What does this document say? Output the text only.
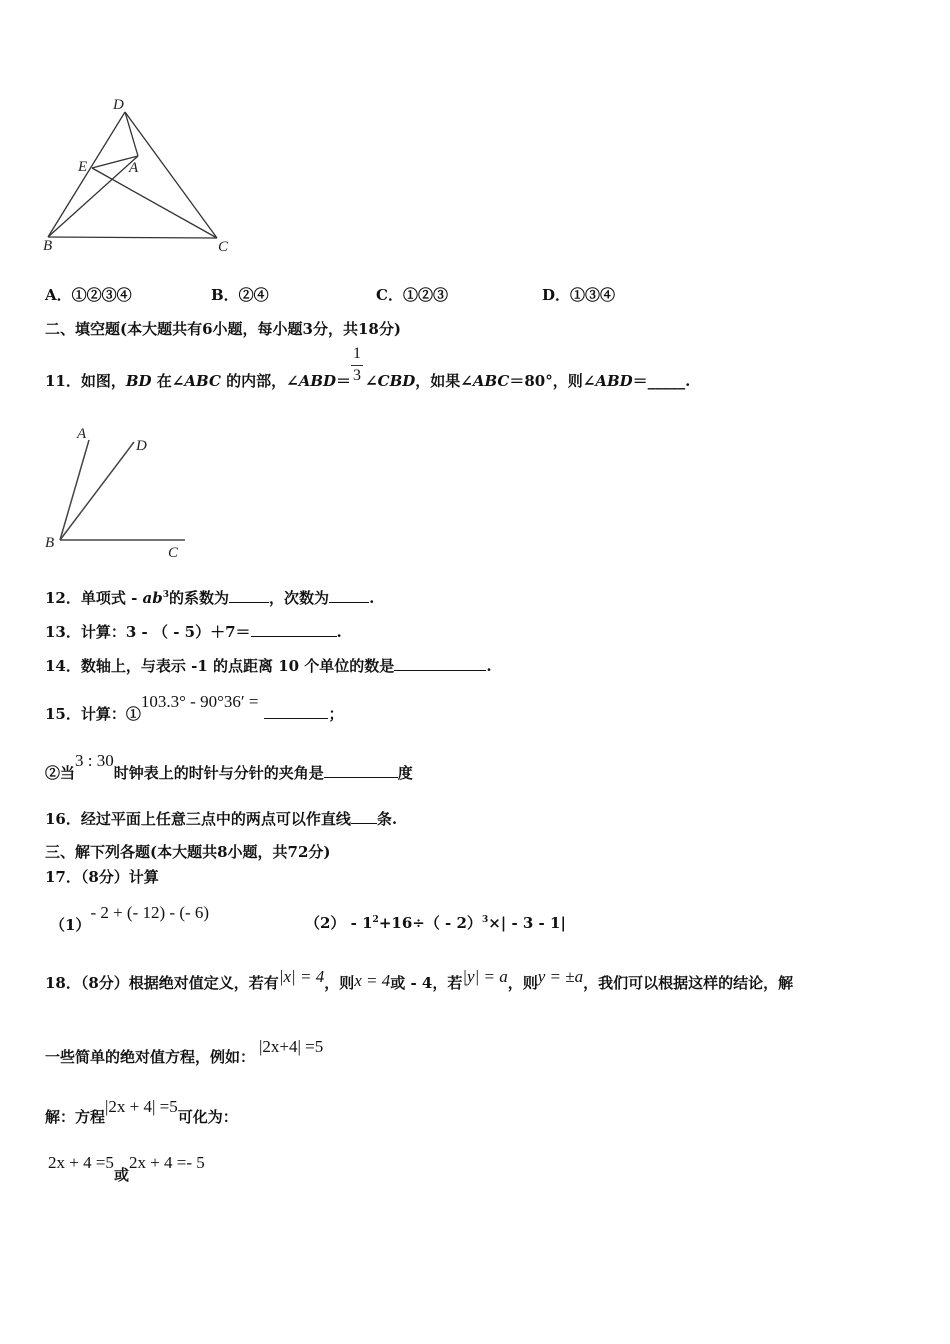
D
E	A
B	C
A．①②③④	B．②④	C．①②③	D．①③④
二、填空题(本大题共有6小题，每小题3分，共18分)
11．如图，BD 在∠ABC 的内部，∠ABD＝ $\frac{1}{3}$ ∠CBD，如果∠ABC＝80°，则∠ABD＝_____.
A
D
B
C
12．单项式 - $ab^3$的系数为	，次数为	.
13．计算：3 - （ - 5）＋7＝	.
14．数轴上，与表示 -1 的点距离 10 个单位的数是	.
15．计算：①103.3° - 90°36′ =；
②当3 : 30时钟表上的时针与分针的夹角是	度
16．经过平面上任意三点中的两点可以作直线 条.
三、解下列各题(本大题共8小题，共72分)
17．（8分）计算
（1）- 2 + (- 12) - (- 6)
$(2) - 1^2+16\div( - 2)^3\times| - 3 - 1|$
18．（8分）根据绝对值定义，若有|x| = 4，则x = 4或 - 4，若|y| = a，则y = ±a，我们可以根据这样的结论，解
一些简单的绝对值方程，例如：|2x+4| =5
解：方程|2x + 4| =5可化为：
2x + 4 =5或2x + 4 =- 5
